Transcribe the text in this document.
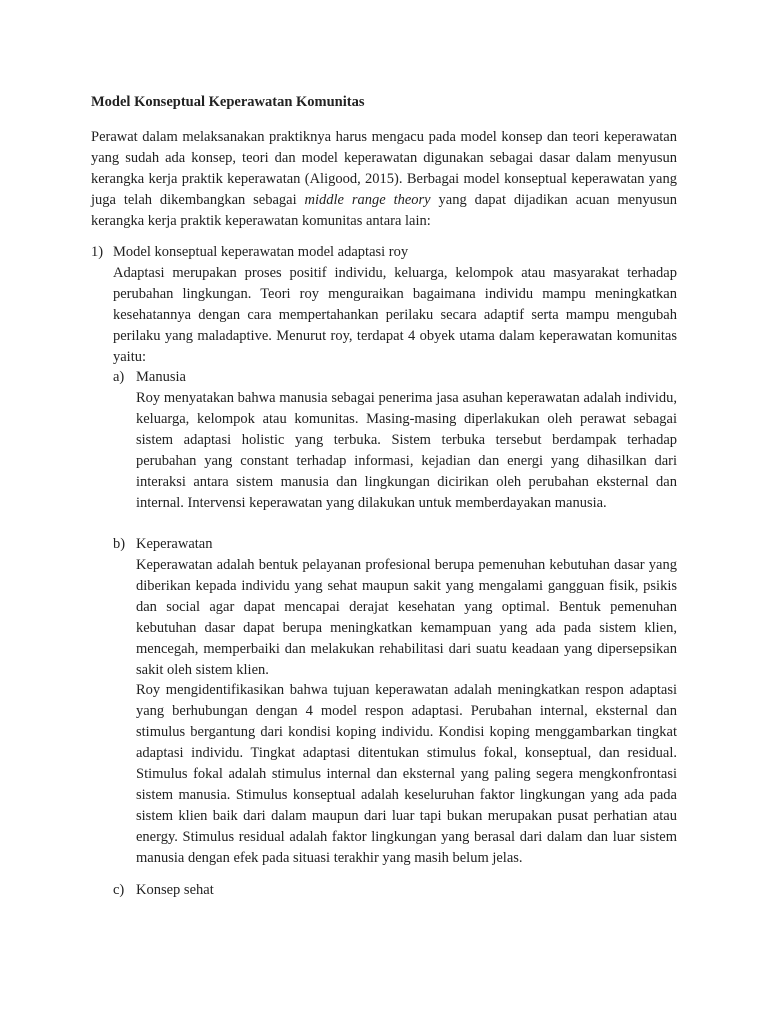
Model Konseptual Keperawatan Komunitas

Perawat dalam melaksanakan praktiknya harus mengacu pada model konsep dan teori keperawatan yang sudah ada konsep, teori dan model keperawatan digunakan sebagai dasar dalam menyusun kerangka kerja praktik keperawatan (Aligood, 2015). Berbagai model konseptual keperawatan yang juga telah dikembangkan sebagai middle range theory yang dapat dijadikan acuan menyusun kerangka kerja praktik keperawatan komunitas antara lain:

1) Model konseptual keperawatan model adaptasi roy

Adaptasi merupakan proses positif individu, keluarga, kelompok atau masyarakat terhadap perubahan lingkungan. Teori roy menguraikan bagaimana individu mampu meningkatkan kesehatannya dengan cara mempertahankan perilaku secara adaptif serta mampu mengubah perilaku yang maladaptive. Menurut roy, terdapat 4 obyek utama dalam keperawatan komunitas yaitu:

a) Manusia

Roy menyatakan bahwa manusia sebagai penerima jasa asuhan keperawatan adalah individu, keluarga, kelompok atau komunitas. Masing-masing diperlakukan oleh perawat sebagai sistem adaptasi holistic yang terbuka. Sistem terbuka tersebut berdampak terhadap perubahan yang constant terhadap informasi, kejadian dan energi yang dihasilkan dari interaksi antara sistem manusia dan lingkungan dicirikan oleh perubahan eksternal dan internal. Intervensi keperawatan yang dilakukan untuk memberdayakan manusia.

b) Keperawatan

Keperawatan adalah bentuk pelayanan profesional berupa pemenuhan kebutuhan dasar yang diberikan kepada individu yang sehat maupun sakit yang mengalami gangguan fisik, psikis dan social agar dapat mencapai derajat kesehatan yang optimal. Bentuk pemenuhan kebutuhan dasar dapat berupa meningkatkan kemampuan yang ada pada sistem klien, mencegah, memperbaiki dan melakukan rehabilitasi dari suatu keadaan yang dipersepsikan sakit oleh sistem klien.

Roy mengidentifikasikan bahwa tujuan keperawatan adalah meningkatkan respon adaptasi yang berhubungan dengan 4 model respon adaptasi. Perubahan internal, eksternal dan stimulus bergantung dari kondisi koping individu. Kondisi koping menggambarkan tingkat adaptasi individu. Tingkat adaptasi ditentukan stimulus fokal, konseptual, dan residual. Stimulus fokal adalah stimulus internal dan eksternal yang paling segera mengkonfrontasi sistem manusia. Stimulus konseptual adalah keseluruhan faktor lingkungan yang ada pada sistem klien baik dari dalam maupun dari luar tapi bukan merupakan pusat perhatian atau energy. Stimulus residual adalah faktor lingkungan yang berasal dari dalam dan luar sistem manusia dengan efek pada situasi terakhir yang masih belum jelas.

c) Konsep sehat
